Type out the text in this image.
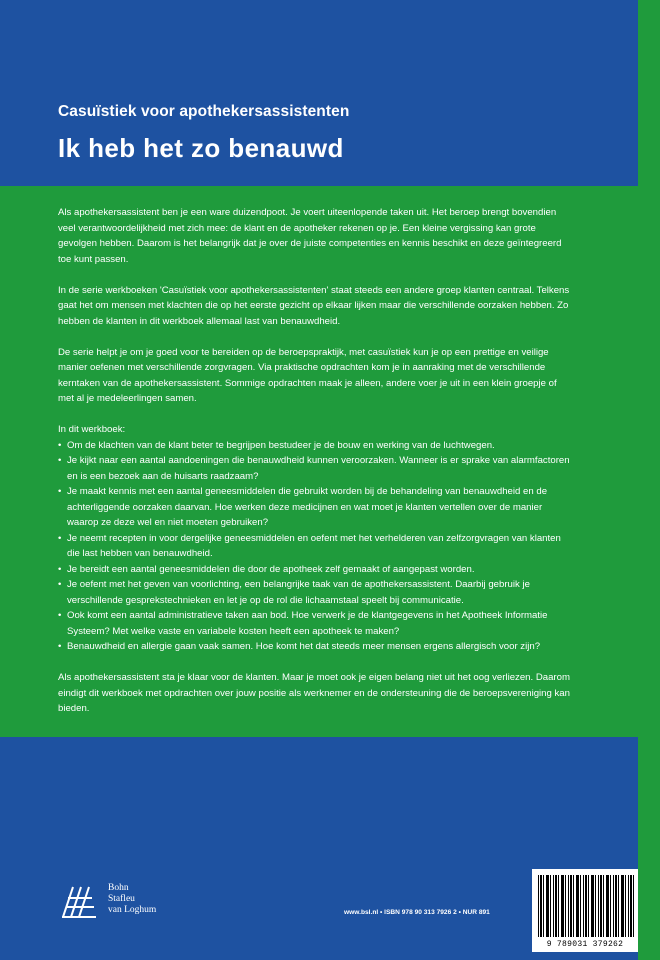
Casuïstiek voor apothekersassistenten
Ik heb het zo benauwd

Als apothekersassistent ben je een ware duizendpoot. Je voert uiteenlopende taken uit. Het beroep brengt bovendien veel verantwoordelijkheid met zich mee: de klant en de apotheker rekenen op je. Een kleine vergissing kan grote gevolgen hebben. Daarom is het belangrijk dat je over de juiste competenties en kennis beschikt en deze geïntegreerd toe kunt passen.

In de serie werkboeken 'Casuïstiek voor apothekersassistenten' staat steeds een andere groep klanten centraal. Telkens gaat het om mensen met klachten die op het eerste gezicht op elkaar lijken maar die verschillende oorzaken hebben. Zo hebben de klanten in dit werkboek allemaal last van benauwdheid.

De serie helpt je om je goed voor te bereiden op de beroepspraktijk, met casuïstiek kun je op een prettige en veilige manier oefenen met verschillende zorgvragen. Via praktische opdrachten kom je in aanraking met de verschillende kerntaken van de apothekersassistent. Sommige opdrachten maak je alleen, andere voer je uit in een klein groepje of met al je medeleerlingen samen.

In dit werkboek:
• Om de klachten van de klant beter te begrijpen bestudeer je de bouw en werking van de luchtwegen.
• Je kijkt naar een aantal aandoeningen die benauwdheid kunnen veroorzaken. Wanneer is er sprake van alarmfactoren en is een bezoek aan de huisarts raadzaam?
• Je maakt kennis met een aantal geneesmiddelen die gebruikt worden bij de behandeling van benauwdheid en de achterliggende oorzaken daarvan. Hoe werken deze medicijnen en wat moet je klanten vertellen over de manier waarop ze deze wel en niet moeten gebruiken?
• Je neemt recepten in voor dergelijke geneesmiddelen en oefent met het verhelderen van zelfzorgvragen van klanten die last hebben van benauwdheid.
• Je bereidt een aantal geneesmiddelen die door de apotheek zelf gemaakt of aangepast worden.
• Je oefent met het geven van voorlichting, een belangrijke taak van de apothekersassistent. Daarbij gebruik je verschillende gesprekstechnieken en let je op de rol die lichaamstaal speelt bij communicatie.
• Ook komt een aantal administratieve taken aan bod. Hoe verwerk je de klantgegevens in het Apotheek Informatie Systeem? Met welke vaste en variabele kosten heeft een apotheek te maken?
• Benauwdheid en allergie gaan vaak samen. Hoe komt het dat steeds meer mensen ergens allergisch voor zijn?

Als apothekersassistent sta je klaar voor de klanten. Maar je moet ook je eigen belang niet uit het oog verliezen. Daarom eindigt dit werkboek met opdrachten over jouw positie als werknemer en de ondersteuning die de beroepsvereniging kan bieden.

Bohn
Stafleu
van Loghum	www.bsl.nl • ISBN 978 90 313 7926 2 • NUR 891
9 789031 379262
